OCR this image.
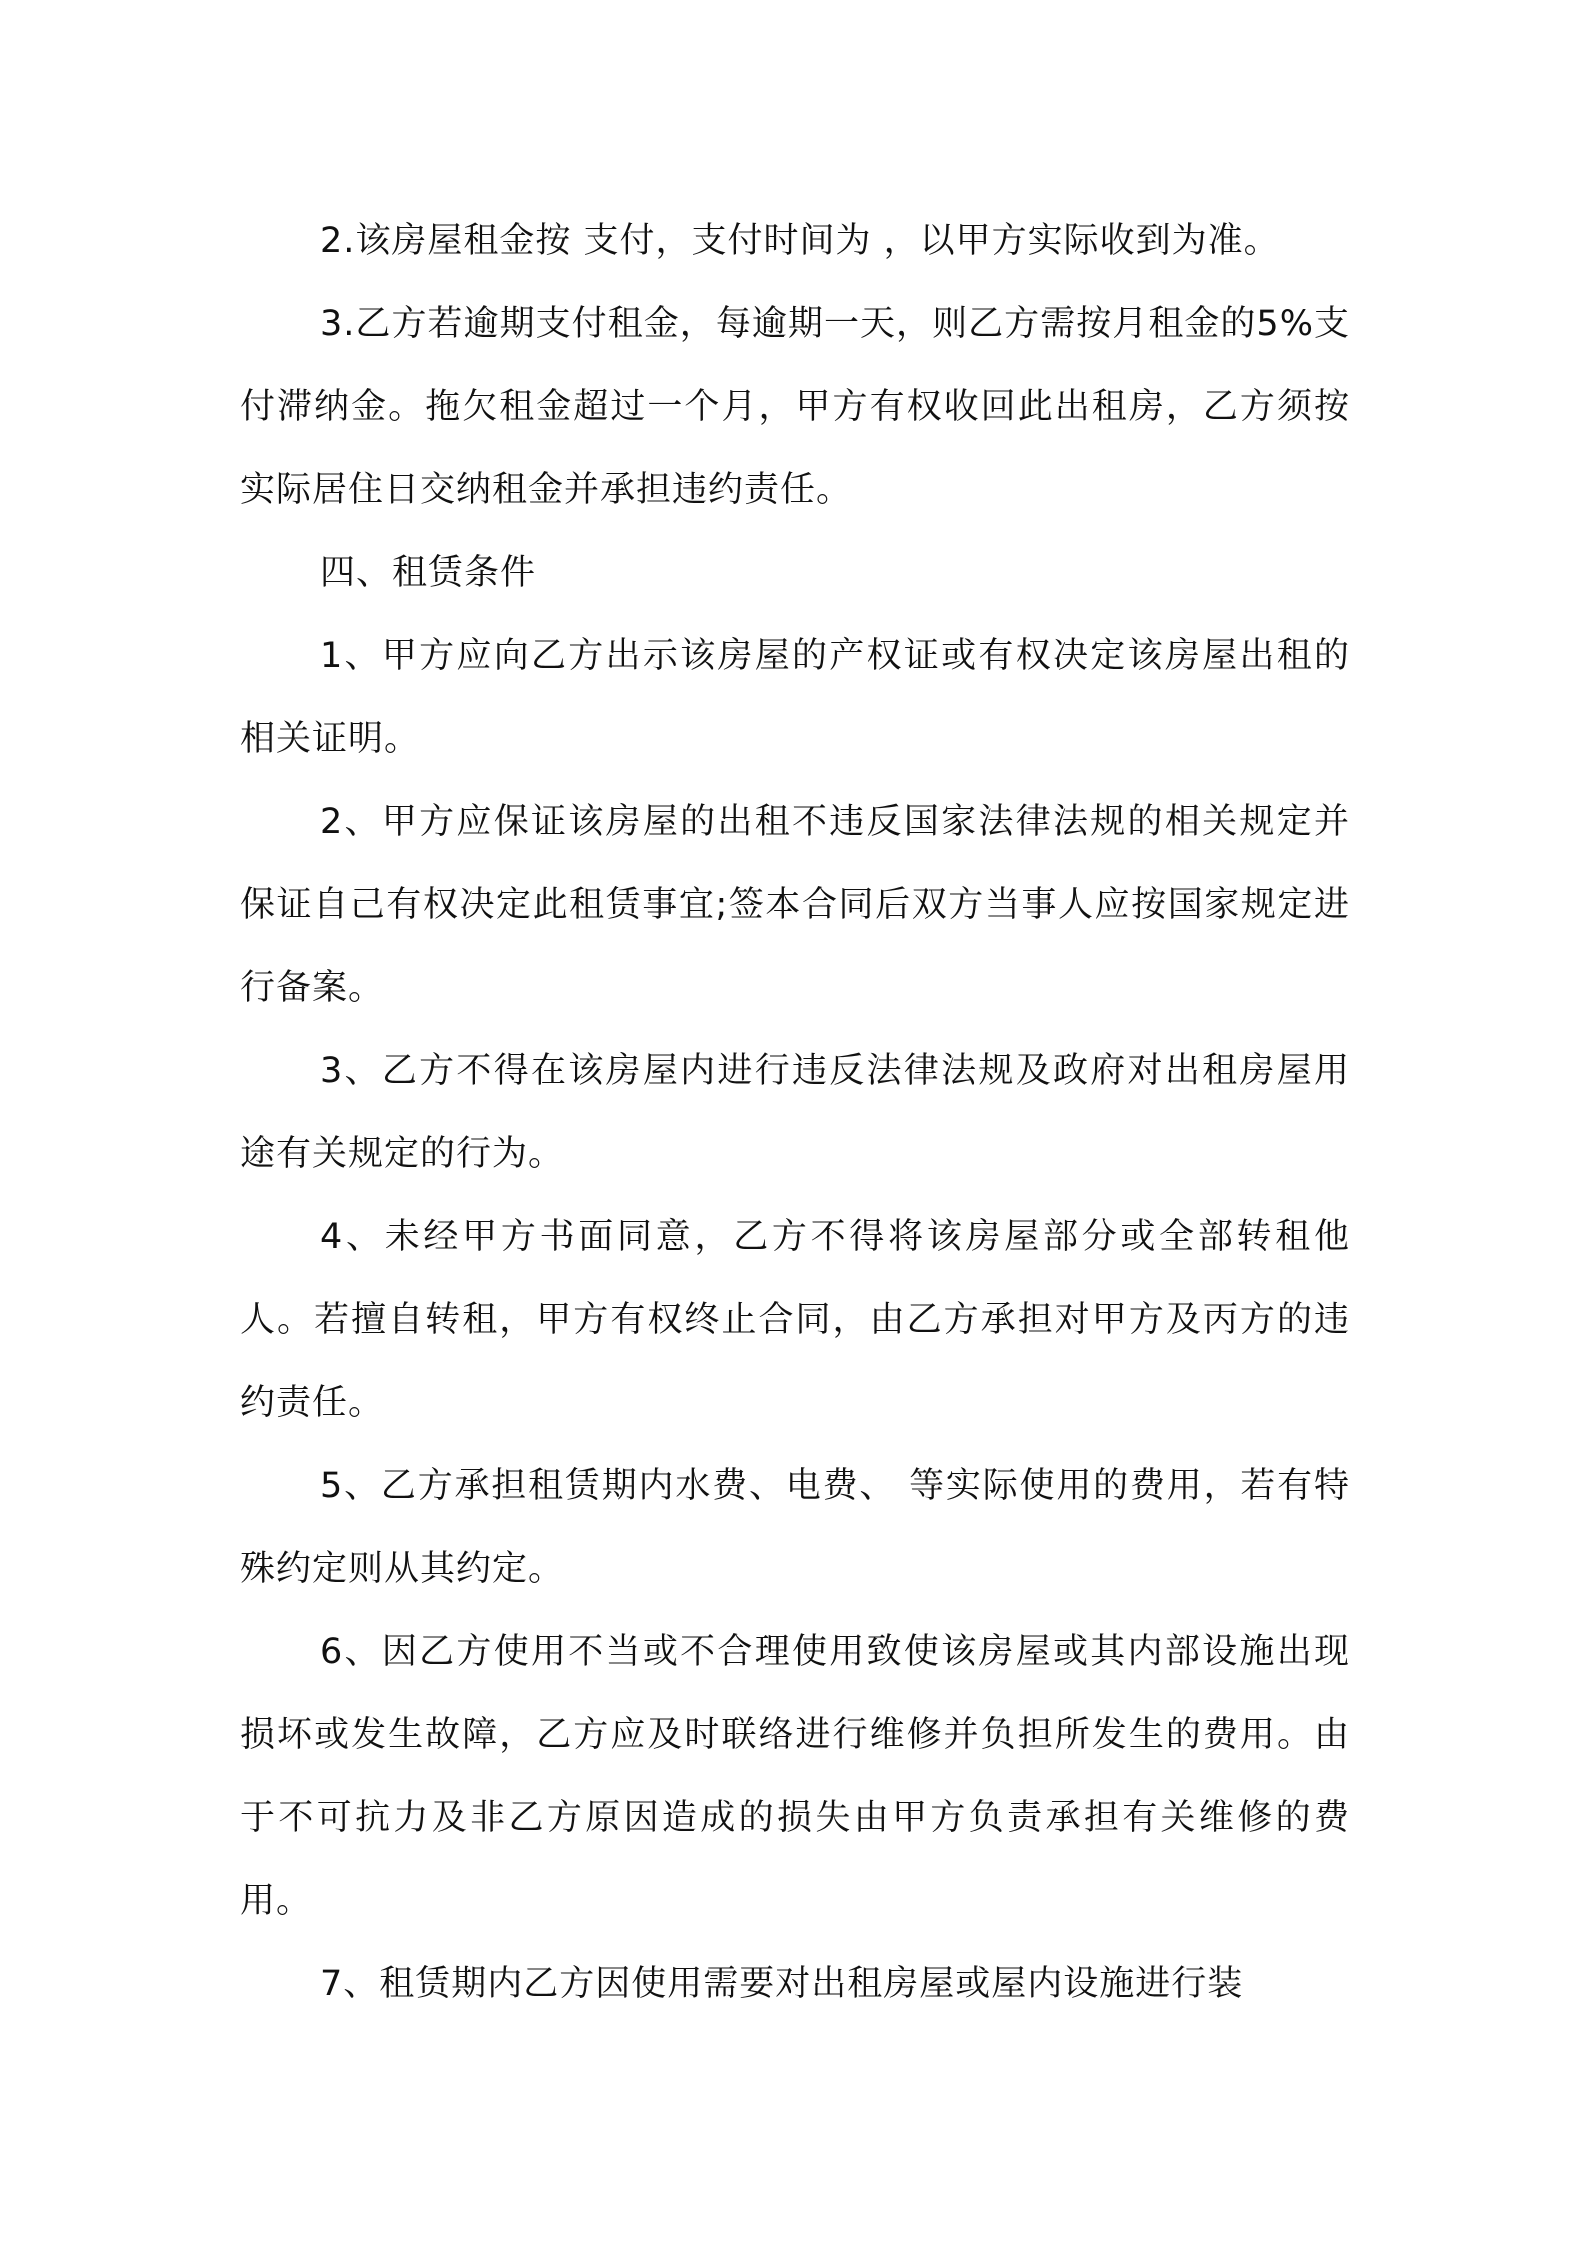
2.该房屋租金按 支付，支付时间为 ，以甲方实际收到为准。

3.乙方若逾期支付租金，每逾期一天，则乙方需按月租金的5%支付滞纳金。拖欠租金超过一个月，甲方有权收回此出租房，乙方须按实际居住日交纳租金并承担违约责任。

四、租赁条件

1、甲方应向乙方出示该房屋的产权证或有权决定该房屋出租的相关证明。

2、甲方应保证该房屋的出租不违反国家法律法规的相关规定并保证自己有权决定此租赁事宜;签本合同后双方当事人应按国家规定进行备案。

3、乙方不得在该房屋内进行违反法律法规及政府对出租房屋用途有关规定的行为。

4、未经甲方书面同意，乙方不得将该房屋部分或全部转租他人。若擅自转租，甲方有权终止合同，由乙方承担对甲方及丙方的违约责任。

5、乙方承担租赁期内水费、电费、 等实际使用的费用，若有特殊约定则从其约定。

6、因乙方使用不当或不合理使用致使该房屋或其内部设施出现损坏或发生故障，乙方应及时联络进行维修并负担所发生的费用。由于不可抗力及非乙方原因造成的损失由甲方负责承担有关维修的费用。

7、租赁期内乙方因使用需要对出租房屋或屋内设施进行装
